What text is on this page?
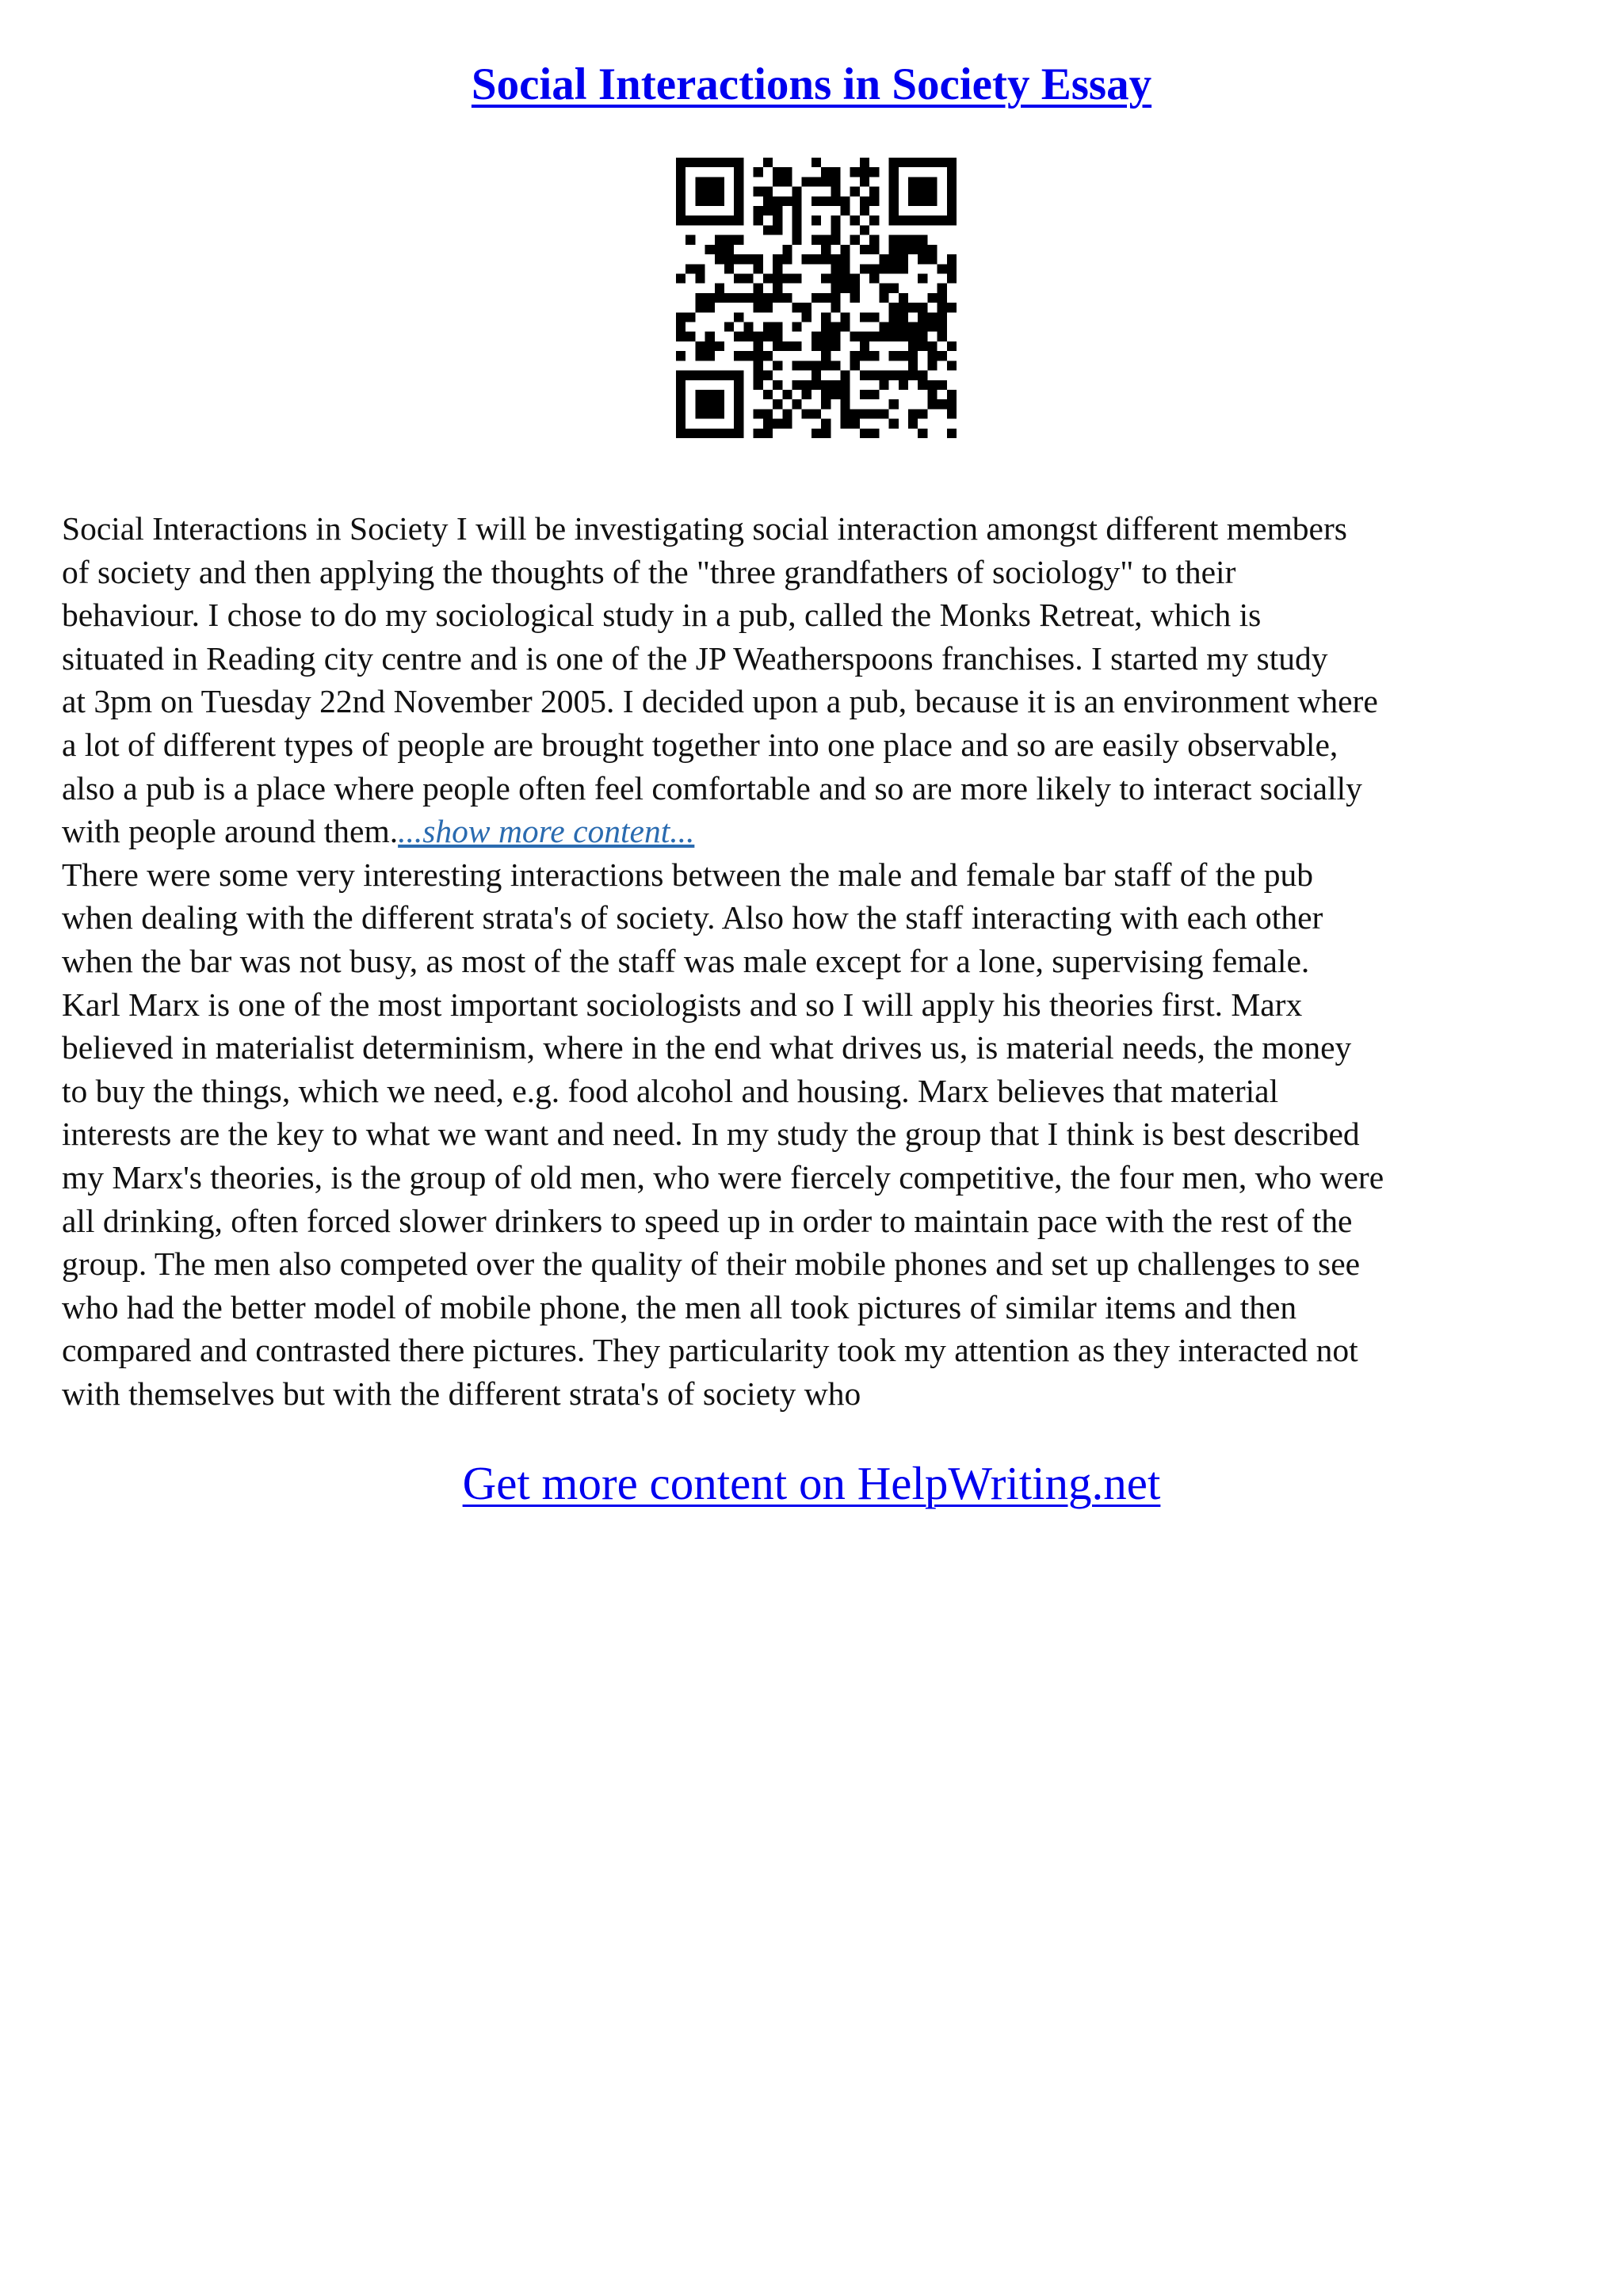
Social Interactions in Society Essay
Social Interactions in Society I will be investigating social interaction amongst different members
of society and then applying the thoughts of the "three grandfathers of sociology" to their
behaviour. I chose to do my sociological study in a pub, called the Monks Retreat, which is
situated in Reading city centre and is one of the JP Weatherspoons franchises. I started my study
at 3pm on Tuesday 22nd November 2005. I decided upon a pub, because it is an environment where
a lot of different types of people are brought together into one place and so are easily observable,
also a pub is a place where people often feel comfortable and so are more likely to interact socially
with people around them....show more content...
There were some very interesting interactions between the male and female bar staff of the pub
when dealing with the different strata's of society. Also how the staff interacting with each other
when the bar was not busy, as most of the staff was male except for a lone, supervising female.
Karl Marx is one of the most important sociologists and so I will apply his theories first. Marx
believed in materialist determinism, where in the end what drives us, is material needs, the money
to buy the things, which we need, e.g. food alcohol and housing. Marx believes that material
interests are the key to what we want and need. In my study the group that I think is best described
my Marx's theories, is the group of old men, who were fiercely competitive, the four men, who were
all drinking, often forced slower drinkers to speed up in order to maintain pace with the rest of the
group. The men also competed over the quality of their mobile phones and set up challenges to see
who had the better model of mobile phone, the men all took pictures of similar items and then
compared and contrasted there pictures. They particularity took my attention as they interacted not
with themselves but with the different strata's of society who
Get more content on HelpWriting.net
